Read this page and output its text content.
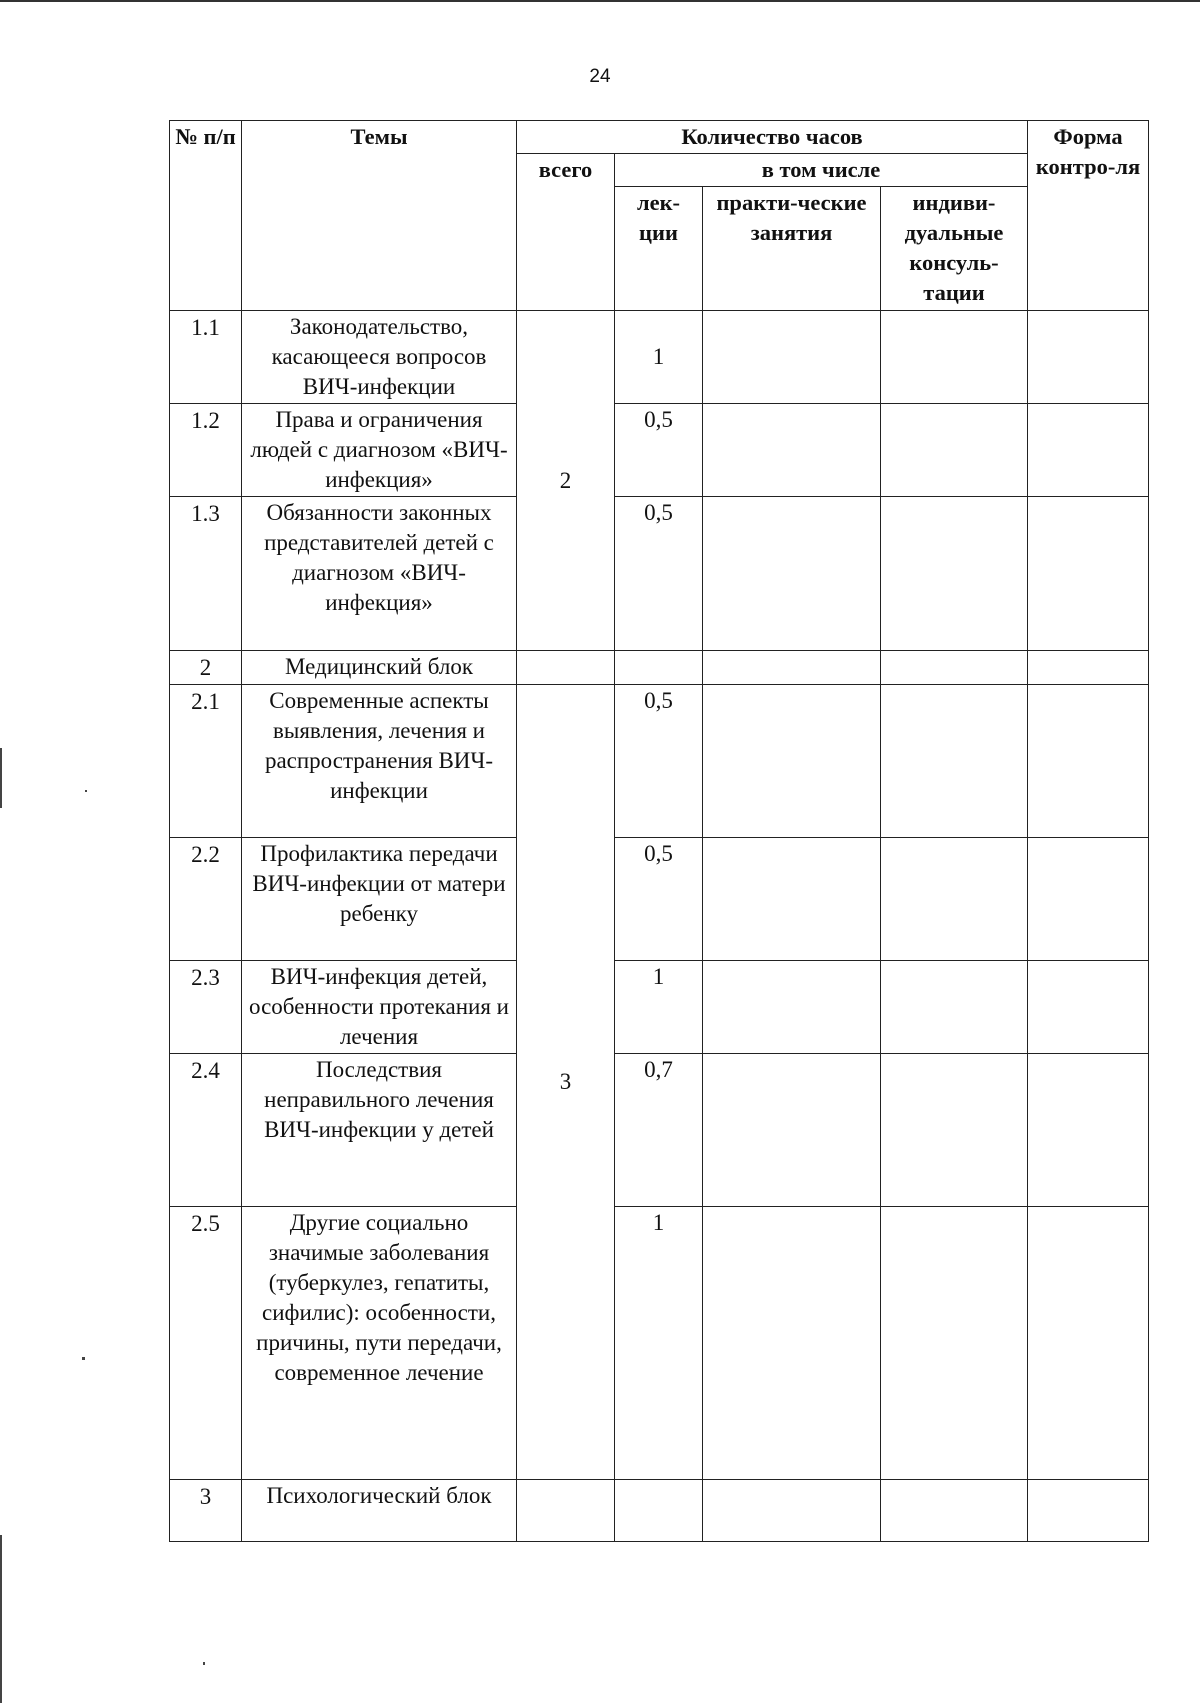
24
№ п/п	Темы	Количество часов				Форма контро-ля
		всего	в том числе			
			лек-ции	практи-ческие занятия	индиви-дуальные консуль-тации	
1.1	Законодательство, касающееся вопросов ВИЧ-инфекции	2	1			
1.2	Права и ограничения людей с диагнозом «ВИЧ-инфекция»		0,5			
1.3	Обязанности законных представителей детей с диагнозом «ВИЧ-инфекция»		0,5			
2	Медицинский блок					
2.1	Современные аспекты выявления, лечения и распространения ВИЧ-инфекции	3	0,5			
2.2	Профилактика передачи ВИЧ-инфекции от матери ребенку		0,5			
2.3	ВИЧ-инфекция детей, особенности протекания и лечения		1			
2.4	Последствия неправильного лечения ВИЧ-инфекции у детей		0,7			
2.5	Другие социально значимые заболевания (туберкулез, гепатиты, сифилис): особенности, причины, пути передачи, современное лечение		1			
3	Психологический блок					
